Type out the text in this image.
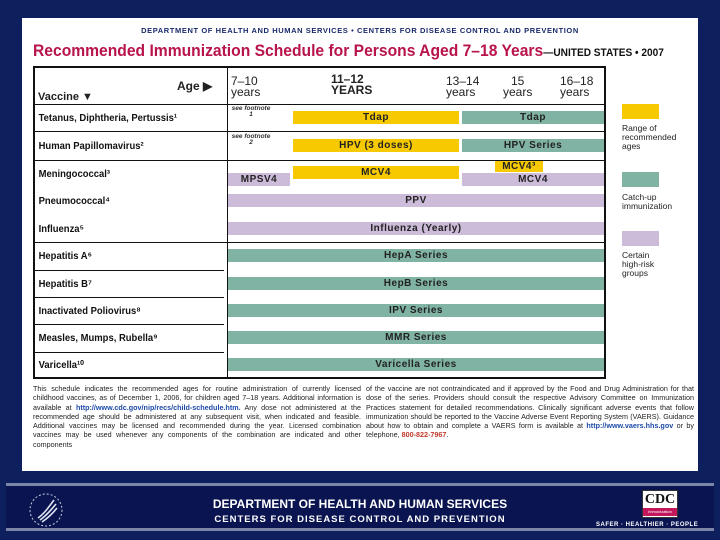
DEPARTMENT OF HEALTH AND HUMAN SERVICES • CENTERS FOR DISEASE CONTROL AND PREVENTION
Recommended Immunization Schedule for Persons Aged 7–18 Years—UNITED STATES • 2007
Age ▶
Vaccine ▼
7–10
years
11–12
YEARS
13–14
years
15
years
16–18
years
Tetanus, Diphtheria, Pertussis¹
Human Papillomavirus²
Meningococcal³
Pneumococcal⁴
Influenza⁵
Hepatitis A⁶
Hepatitis B⁷
Inactivated Poliovirus⁸
Measles, Mumps, Rubella⁹
Varicella¹⁰
see footnote 1
see footnote 2
Tdap	Tdap
HPV (3 doses)	HPV Series
MCV4
MPSV4
MCV4³
MCV4
PPV
Influenza (Yearly)
HepA Series
HepB Series
IPV Series
MMR Series
Varicella Series
Range of recommended ages
Catch-up immunization
Certain high-risk groups
This schedule indicates the recommended ages for routine administration of currently licensed childhood vaccines, as of December 1, 2006, for children aged 7–18 years. Additional information is available at http://www.cdc.gov/nip/recs/child-schedule.htm. Any dose not administered at the recommended age should be administered at any subsequent visit, when indicated and feasible. Additional vaccines may be licensed and recommended during the year. Licensed combination vaccines may be used whenever any components of the combination are indicated and other components
of the vaccine are not contraindicated and if approved by the Food and Drug Administration for that dose of the series. Providers should consult the respective Advisory Committee on Immunization Practices statement for detailed recommendations. Clinically significant adverse events that follow immunization should be reported to the Vaccine Adverse Event Reporting System (VAERS). Guidance about how to obtain and complete a VAERS form is available at http://www.vaers.hhs.gov or by telephone, 800-822-7967.
DEPARTMENT OF HEALTH AND HUMAN SERVICES
CENTERS FOR DISEASE CONTROL AND PREVENTION
CDC
Immunization
SAFER · HEALTHIER · PEOPLE
